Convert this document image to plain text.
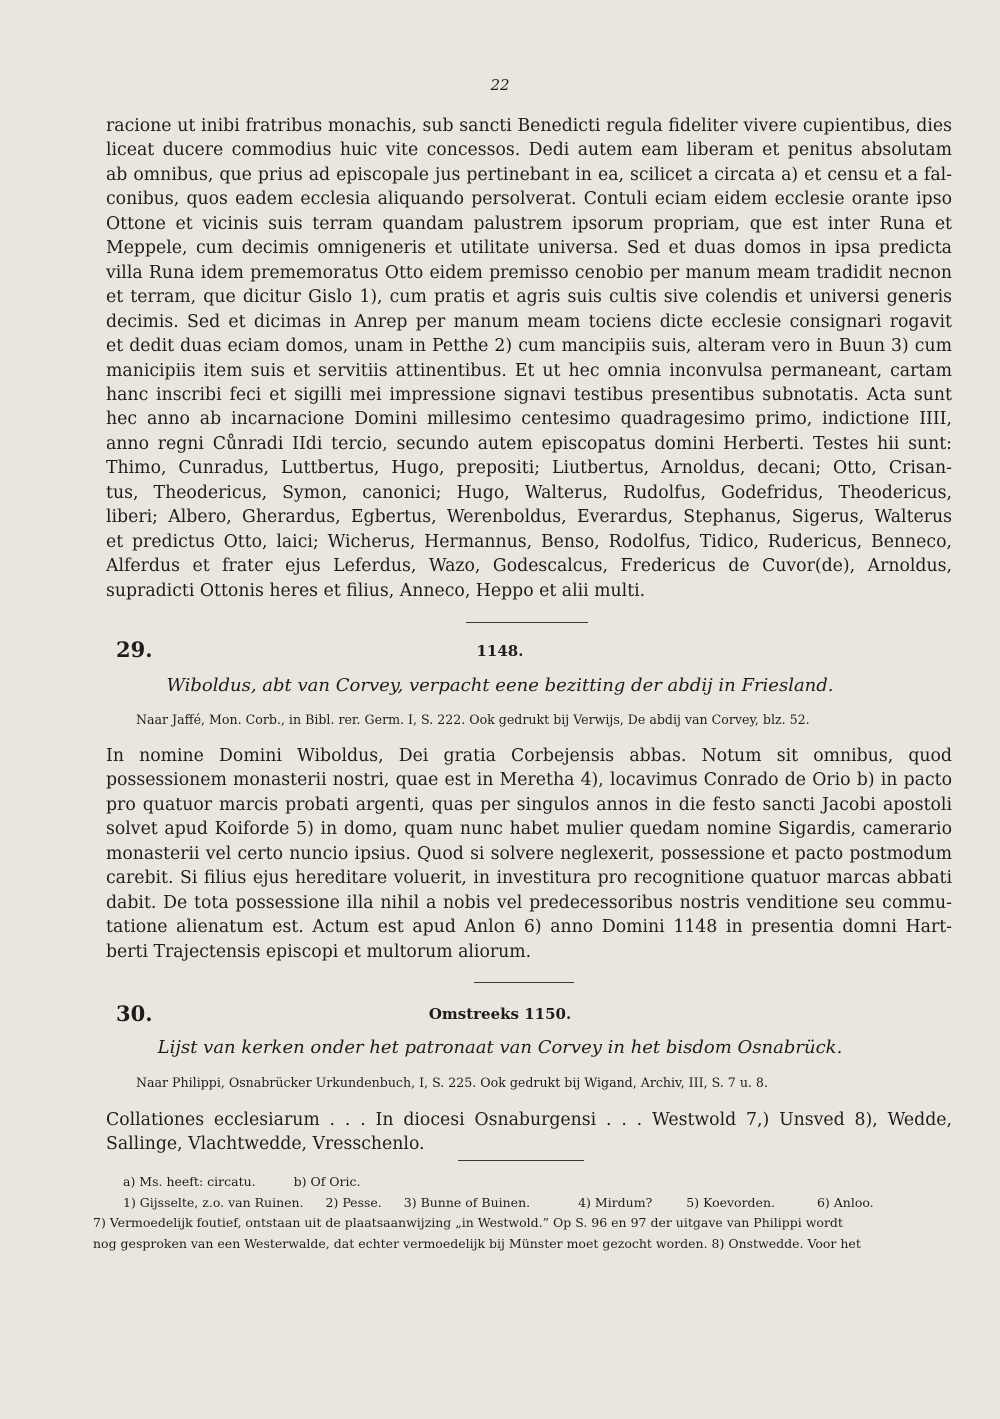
22
racione ut inibi fratribus monachis, sub sancti Benedicti regula fideliter vivere cupientibus, dies
liceat ducere commodius huic vite concessos. Dedi autem eam liberam et penitus absolutam
ab omnibus, que prius ad episcopale jus pertinebant in ea, scilicet a circata a) et censu et a fal-
conibus, quos eadem ecclesia aliquando persolverat. Contuli eciam eidem ecclesie orante ipso
Ottone et vicinis suis terram quandam palustrem ipsorum propriam, que est inter Runa et
Meppele, cum decimis omnigeneris et utilitate universa. Sed et duas domos in ipsa predicta
villa Runa idem prememoratus Otto eidem premisso cenobio per manum meam tradidit necnon
et terram, que dicitur Gislo 1), cum pratis et agris suis cultis sive colendis et universi generis
decimis. Sed et dicimas in Anrep per manum meam tociens dicte ecclesie consignari rogavit
et dedit duas eciam domos, unam in Petthe 2) cum mancipiis suis, alteram vero in Buun 3) cum
manicipiis item suis et servitiis attinentibus. Et ut hec omnia inconvulsa permaneant, cartam
hanc inscribi feci et sigilli mei impressione signavi testibus presentibus subnotatis. Acta sunt
hec anno ab incarnacione Domini millesimo centesimo quadragesimo primo, indictione IIII,
anno regni Cůnradi IIdi tercio, secundo autem episcopatus domini Herberti. Testes hii sunt:
Thimo, Cunradus, Luttbertus, Hugo, prepositi; Liutbertus, Arnoldus, decani; Otto, Crisan-
tus, Theodericus, Symon, canonici; Hugo, Walterus, Rudolfus, Godefridus, Theodericus,
liberi; Albero, Gherardus, Egbertus, Werenboldus, Everardus, Stephanus, Sigerus, Walterus
et predictus Otto, laici; Wicherus, Hermannus, Benso, Rodolfus, Tidico, Rudericus, Benneco,
Alferdus et frater ejus Leferdus, Wazo, Godescalcus, Fredericus de Cuvor(de), Arnoldus,
supradicti Ottonis heres et filius, Anneco, Heppo et alii multi.
29.	1148.
Wiboldus, abt van Corvey, verpacht eene bezitting der abdij in Friesland.
Naar Jaffé, Mon. Corb., in Bibl. rer. Germ. I, S. 222. Ook gedrukt bij Verwijs, De abdij van Corvey, blz. 52.
In nomine Domini Wiboldus, Dei gratia Corbejensis abbas. Notum sit omnibus, quod
possessionem monasterii nostri, quae est in Meretha 4), locavimus Conrado de Orio b) in pacto
pro quatuor marcis probati argenti, quas per singulos annos in die festo sancti Jacobi apostoli
solvet apud Koiforde 5) in domo, quam nunc habet mulier quedam nomine Sigardis, camerario
monasterii vel certo nuncio ipsius. Quod si solvere neglexerit, possessione et pacto postmodum
carebit. Si filius ejus hereditare voluerit, in investitura pro recognitione quatuor marcas abbati
dabit. De tota possessione illa nihil a nobis vel predecessoribus nostris venditione seu commu-
tatione alienatum est. Actum est apud Anlon 6) anno Domini 1148 in presentia domni Hart-
berti Trajectensis episcopi et multorum aliorum.
30.	Omstreeks 1150.
Lijst van kerken onder het patronaat van Corvey in het bisdom Osnabrück.
Naar Philippi, Osnabrücker Urkundenbuch, I, S. 225. Ook gedrukt bij Wigand, Archiv, III, S. 7 u. 8.
Collationes ecclesiarum . . . In diocesi Osnaburgensi . . . Westwold 7,) Unsved 8), Wedde,
Sallinge, Vlachtwedde, Vresschenlo.
a) Ms. heeft: circatu.	b) Of Oric.
1) Gijsselte, z.o. van Ruinen. 2) Pesse. 3) Bunne of Buinen.	4) Mirdum?	5) Koevorden.	6) Anloo.
7) Vermoedelijk foutief, ontstaan uit de plaatsaanwijzing „in Westwold.” Op S. 96 en 97 der uitgave van Philippi wordt
nog gesproken van een Westerwalde, dat echter vermoedelijk bij Münster moet gezocht worden. 8) Onstwedde. Voor het
